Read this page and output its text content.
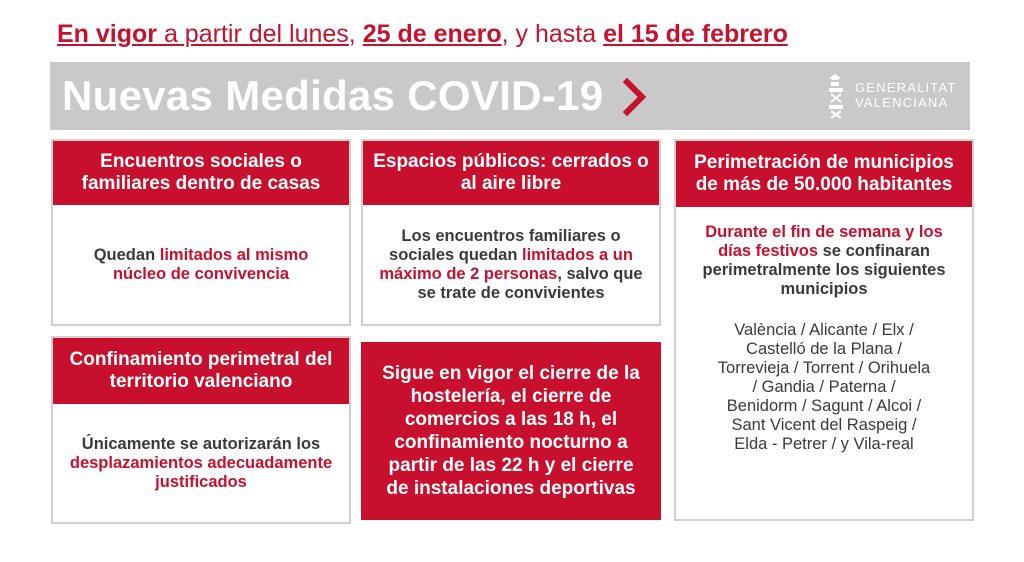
En vigor a partir del lunes, 25 de enero, y hasta el 15 de febrero
Nuevas Medidas COVID-19	GENERALITAT
VALENCIANA
Encuentros sociales o familiares dentro de casas
Quedan limitados al mismo núcleo de convivencia
Espacios públicos: cerrados o al aire libre
Los encuentros familiares o sociales quedan limitados a un máximo de 2 personas, salvo que se trate de convivientes
Perimetración de municipios de más de 50.000 habitantes
Durante el fin de semana y los días festivos se confinaran perimetralmente los siguientes municipios
València / Alicante / Elx / Castelló de la Plana / Torrevieja / Torrent / Orihuela / Gandia / Paterna / Benidorm / Sagunt / Alcoi / Sant Vicent del Raspeig / Elda - Petrer / y Vila-real
Confinamiento perimetral del territorio valenciano
Únicamente se autorizarán los desplazamientos adecuadamente justificados
Sigue en vigor el cierre de la hostelería, el cierre de comercios a las 18 h, el confinamiento nocturno a partir de las 22 h y el cierre de instalaciones deportivas
